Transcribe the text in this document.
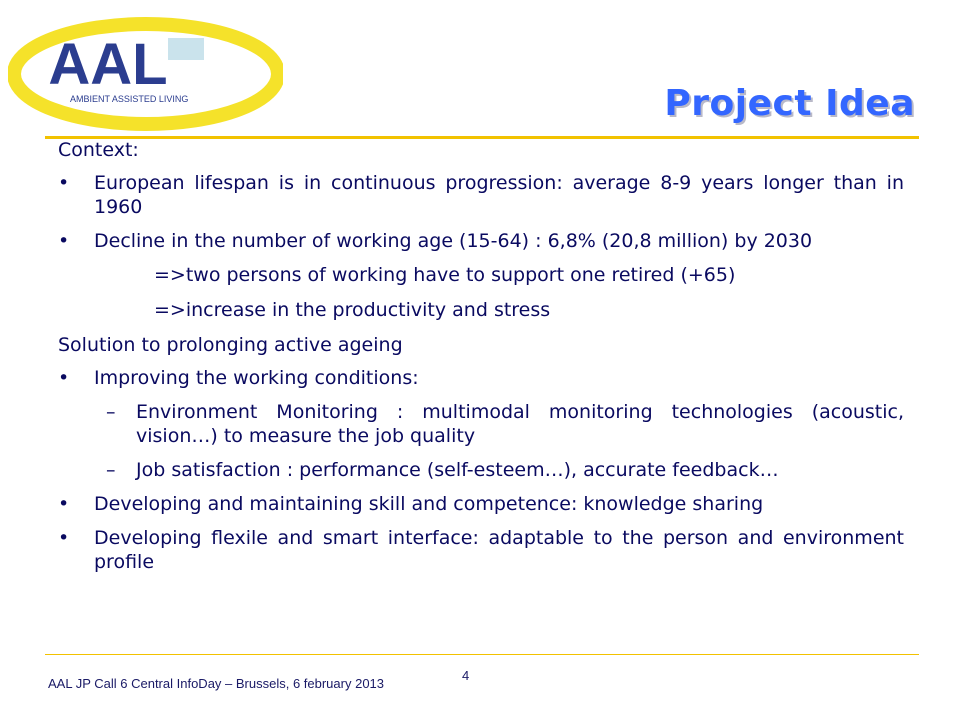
AAL
AMBIENT ASSISTED LIVING	Project Idea

Context:

•	European lifespan is in continuous progression: average 8-9 years longer than in 1960
•	Decline in the number of working age (15-64) : 6,8% (20,8 million) by 2030

=>two persons of working have to support one retired (+65)

=>increase in the productivity and stress

Solution to prolonging active ageing

•	Improving the working conditions:
– Environment Monitoring : multimodal monitoring technologies (acoustic, vision…) to measure the job quality
– Job satisfaction : performance (self-esteem…), accurate feedback…
•	Developing and maintaining skill and competence: knowledge sharing
•	Developing flexile and smart interface: adaptable to the person and environment profile
AAL JP Call 6 Central InfoDay – Brussels, 6 february 2013
4
